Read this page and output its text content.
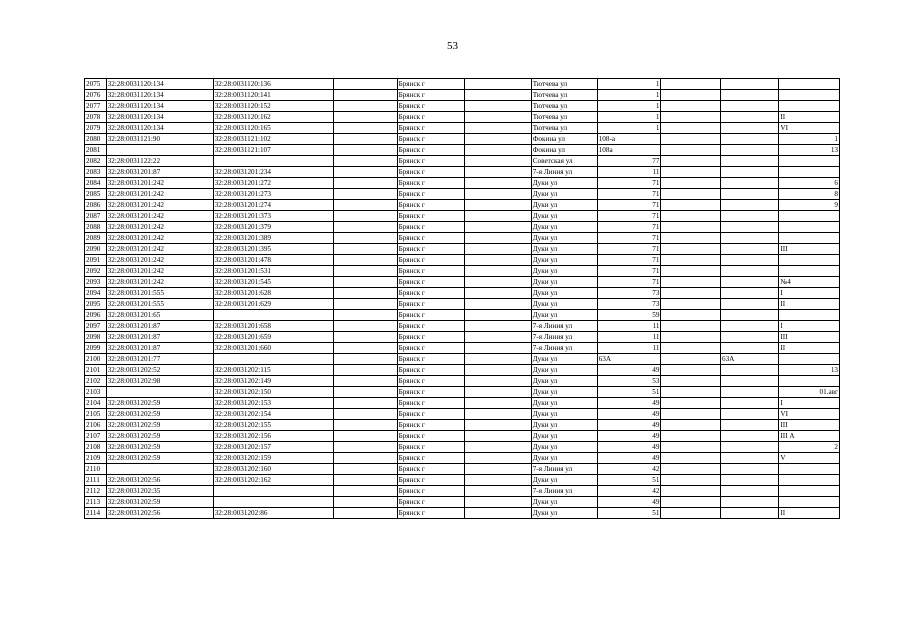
53
2075	32:28:0031120:134	32:28:0031120:136		Брянск г		Тютчева ул	1			
2076	32:28:0031120:134	32:28:0031120:141		Брянск г		Тютчева ул	1			
2077	32:28:0031120:134	32:28:0031120:152		Брянск г		Тютчева ул	1			
2078	32:28:0031120:134	32:28:0031120:162		Брянск г		Тютчева ул	1			II
2079	32:28:0031120:134	32:28:0031120:165		Брянск г		Тютчева ул	1			VI
2080	32:28:0031121:90	32:28:0031121:102		Брянск г		Фокина ул	108-а			1
2081		32:28:0031121:107		Брянск г		Фокина ул	108а			13
2082	32:28:0031122:22			Брянск г		Советская ул	77			
2083	32:28:0031201:87	32:28:0031201:234		Брянск г		7-я Линия ул	11			
2084	32:28:0031201:242	32:28:0031201:272		Брянск г		Дуки ул	71			6
2085	32:28:0031201:242	32:28:0031201:273		Брянск г		Дуки ул	71			8
2086	32:28:0031201:242	32:28:0031201:274		Брянск г		Дуки ул	71			9
2087	32:28:0031201:242	32:28:0031201:373		Брянск г		Дуки ул	71			
2088	32:28:0031201:242	32:28:0031201:379		Брянск г		Дуки ул	71			
2089	32:28:0031201:242	32:28:0031201:389		Брянск г		Дуки ул	71			
2090	32:28:0031201:242	32:28:0031201:395		Брянск г		Дуки ул	71			III
2091	32:28:0031201:242	32:28:0031201:478		Брянск г		Дуки ул	71			
2092	32:28:0031201:242	32:28:0031201:531		Брянск г		Дуки ул	71			
2093	32:28:0031201:242	32:28:0031201:545		Брянск г		Дуки ул	71			№4
2094	32:28:0031201:555	32:28:0031201:628		Брянск г		Дуки ул	73			I
2095	32:28:0031201:555	32:28:0031201:629		Брянск г		Дуки ул	73			II
2096	32:28:0031201:65			Брянск г		Дуки ул	59			
2097	32:28:0031201:87	32:28:0031201:658		Брянск г		7-я Линия ул	11			I
2098	32:28:0031201:87	32:28:0031201:659		Брянск г		7-я Линия ул	11			III
2099	32:28:0031201:87	32:28:0031201:660		Брянск г		7-я Линия ул	11			II
2100	32:28:0031201:77			Брянск г		Дуки ул	63А		63А	
2101	32:28:0031202:52	32:28:0031202:115		Брянск г		Дуки ул	49			13
2102	32:28:0031202:98	32:28:0031202:149		Брянск г		Дуки ул	53			
2103		32:28:0031202:150		Брянск г		Дуки ул	51			01.авг
2104	32:28:0031202:59	32:28:0031202:153		Брянск г		Дуки ул	49			I
2105	32:28:0031202:59	32:28:0031202:154		Брянск г		Дуки ул	49			VI
2106	32:28:0031202:59	32:28:0031202:155		Брянск г		Дуки ул	49			III
2107	32:28:0031202:59	32:28:0031202:156		Брянск г		Дуки ул	49			III А
2108	32:28:0031202:59	32:28:0031202:157		Брянск г		Дуки ул	49			2
2109	32:28:0031202:59	32:28:0031202:159		Брянск г		Дуки ул	49			V
2110		32:28:0031202:160		Брянск г		7-я Линия ул	42			
2111	32:28:0031202:56	32:28:0031202:162		Брянск г		Дуки ул	51			
2112	32:28:0031202:35			Брянск г		7-я Линия ул	42			
2113	32:28:0031202:59			Брянск г		Дуки ул	49			
2114	32:28:0031202:56	32:28:0031202:86		Брянск г		Дуки ул	51			II
